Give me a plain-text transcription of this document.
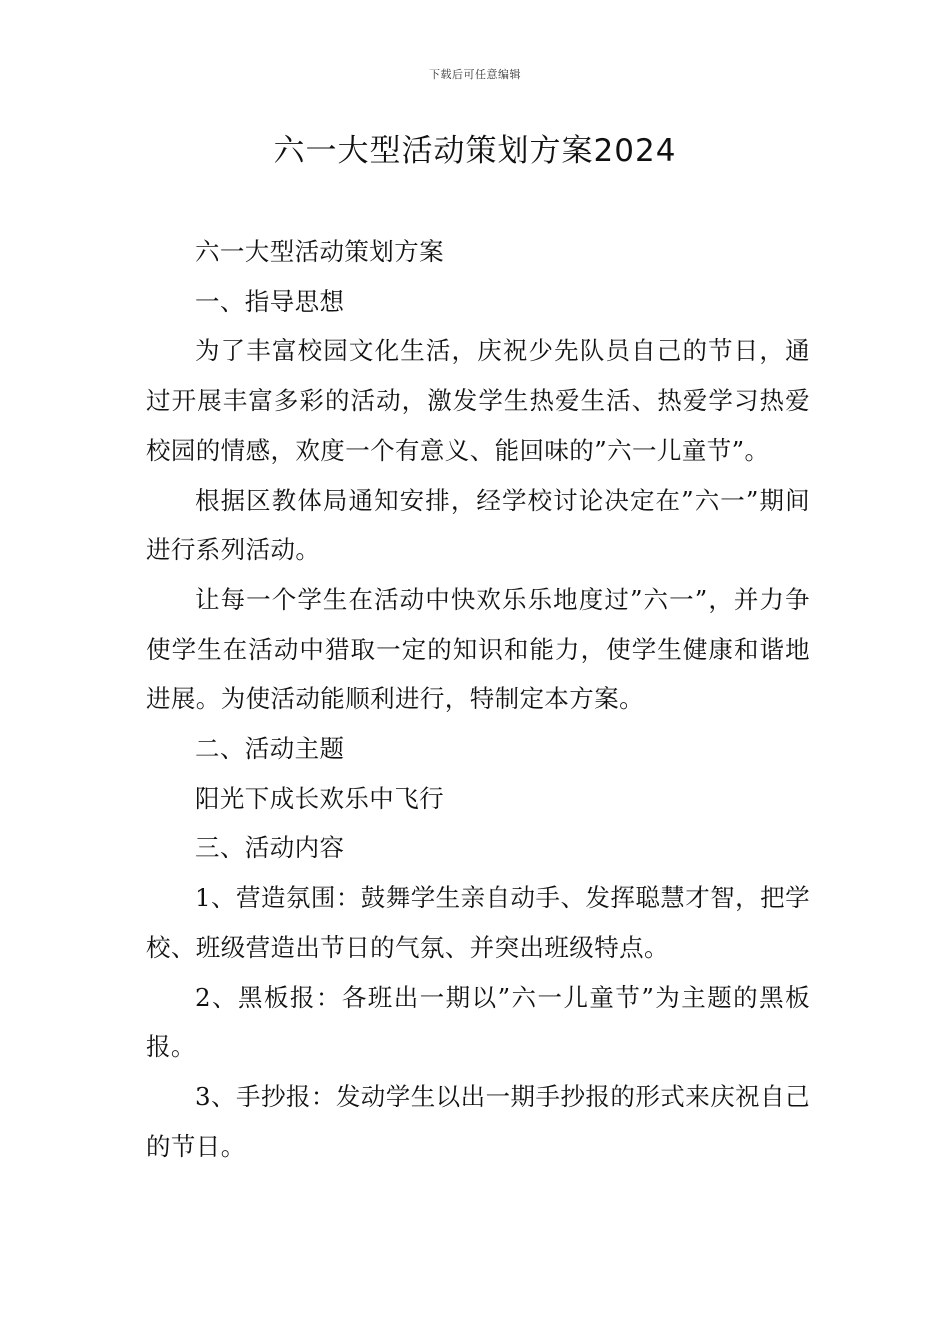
下载后可任意编辑
六一大型活动策划方案2024

六一大型活动策划方案

一、指导思想

为了丰富校园文化生活，庆祝少先队员自己的节日，通过开展丰富多彩的活动，激发学生热爱生活、热爱学习热爱校园的情感，欢度一个有意义、能回味的”六一儿童节”。

根据区教体局通知安排，经学校讨论决定在”六一”期间进行系列活动。

让每一个学生在活动中快欢乐乐地度过”六一”，并力争使学生在活动中猎取一定的知识和能力，使学生健康和谐地进展。为使活动能顺利进行，特制定本方案。

二、活动主题

阳光下成长欢乐中飞行

三、活动内容

1、营造氛围：鼓舞学生亲自动手、发挥聪慧才智，把学校、班级营造出节日的气氛、并突出班级特点。

2、黑板报：各班出一期以”六一儿童节”为主题的黑板报。

3、手抄报：发动学生以出一期手抄报的形式来庆祝自己的节日。
